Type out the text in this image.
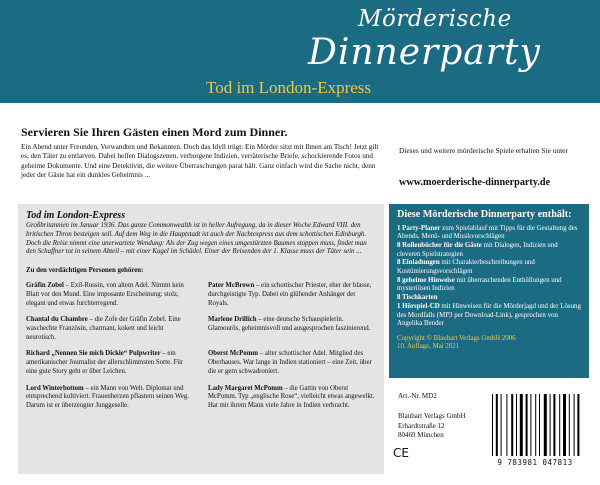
Mörderische
Dinnerparty
Tod im London-Express
Servieren Sie Ihren Gästen einen Mord zum Dinner.
Ein Abend unter Freunden, Verwandten und Bekannten. Doch das Idyll trügt: Ein Mörder sitzt mit Ihnen am Tisch! Jetzt gilt es, den Täter zu entlarven. Dabei helfen Dialogszenen, verborgene Indizien, verräterische Briefe, schockierende Fotos und geheime Dokumente. Und eine Detektivin, die weitere Überraschungen parat hält. Ganz einfach wird die Sache nicht, denn jeder der Gäste hat ein dunkles Geheimnis ...
Dieses und weitere mörderische Spiele erhalten Sie unter
www.moerderische-dinnerparty.de
Tod im London-Express
Großbritannien im Januar 1936. Das ganze Commonwealth ist in heller Aufregung, da in dieser Woche Edward VIII. den britischen Thron besteigen soll. Auf dem Weg in die Hauptstadt ist auch der Nachtexpress aus dem schottischen Edinburgh. Doch die Reise nimmt eine unerwartete Wendung: Als der Zug wegen eines umgestürzten Baumes stoppen muss, findet man den Schaffner tot in seinem Abteil – mit einer Kugel im Schädel. Einer der Reisenden der 1. Klasse muss der Täter sein ...
Zu den verdächtigen Personen gehören:
Gräfin Zobel – Exil-Russin, von altem Adel. Nimmt kein Blatt vor den Mund. Eine imposante Erscheinung: stolz, elegant und etwas furchterregend.
Pater McBrown – ein schottischer Priester, eher der blasse, durchgeistigte Typ. Dabei ein glühender Anhänger der Royals.
Chantal du Chambre – die Zofe der Gräfin Zobel. Eine waschechte Französin, charmant, kokett und leicht neurotisch.
Marlene Drillich – eine deutsche Schauspielerin. Glamourös, geheimnisvoll und ausgesprochen faszinierend.
Richard „Nennen Sie mich Dickie“ Pulpwriter – ein amerikanischer Journalist der allerschlimmsten Sorte. Für eine gute Story geht er über Leichen.
Oberst McPomm – alter schottischer Adel. Mitglied des Oberhauses. War lange in Indien stationiert – eine Zeit, über die er gern schwadroniert.
Lord Winterbottom – ein Mann von Welt. Diplomat und entsprechend kultiviert. Frauenherzen pflastern seinen Weg. Darum ist er überzeugter Junggeselle.
Lady Margaret McPomm – die Gattin von Oberst McPomm. Typ „englische Rose“, vielleicht etwas angewelkt. Hat mit ihrem Mann viele Jahre in Indien verbracht.
Diese Mörderische Dinnerparty enthält:
1 Party-Planer zum Spielablauf mit Tipps für die Gestaltung des Abends, Menü- und Musikvorschlägen
8 Rollenbücher für die Gäste mit Dialogen, Indizien und cleveren Spielstrategien
8 Einladungen mit Charakterbeschreibungen und Kostümierungsvorschlägen
8 geheime Hinweise mit überraschenden Enthüllungen und mysteriösen Indizien
8 Tischkarten
1 Hörspiel-CD mit Hinweisen für die Mörderjagd und der Lösung des Mordfalls (MP3 per Download-Link), gesprochen von Angelika Bender
Copyright © Blaubart Verlags GmbH 2006
10. Auflage, Mai 2021
Art.-Nr. MD2
Blaubart Verlags GmbH
Erhardtstraße 12
80469 München
CE
9 783981 047813
